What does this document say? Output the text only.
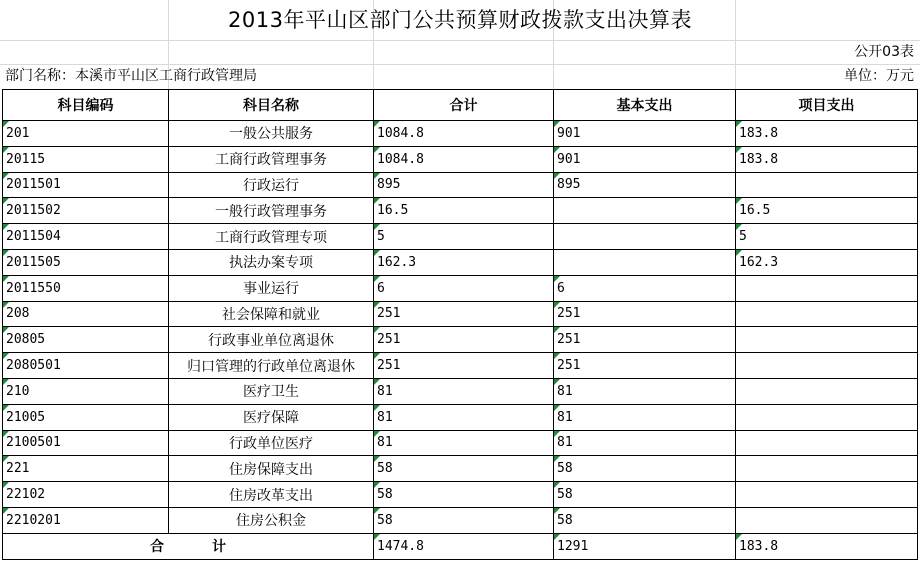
2013年平山区部门公共预算财政拨款支出决算表
公开03表
部门名称：本溪市平山区工商行政管理局	单位：万元
科目编码	科目名称	合计	基本支出	项目支出
201	一般公共服务	1084.8	901	183.8
20115	工商行政管理事务	1084.8	901	183.8
2011501	行政运行	895	895	
2011502	一般行政管理事务	16.5		16.5
2011504	工商行政管理专项	5		5
2011505	执法办案专项	162.3		162.3
2011550	事业运行	6	6	
208	社会保障和就业	251	251	
20805	行政事业单位离退休	251	251	
2080501	归口管理的行政单位离退休	251	251	
210	医疗卫生	81	81	
21005	医疗保障	81	81	
2100501	行政单位医疗	81	81	
221	住房保障支出	58	58	
22102	住房改革支出	58	58	
2210201	住房公积金	58	58	
合 计		1474.8	1291	183.8
